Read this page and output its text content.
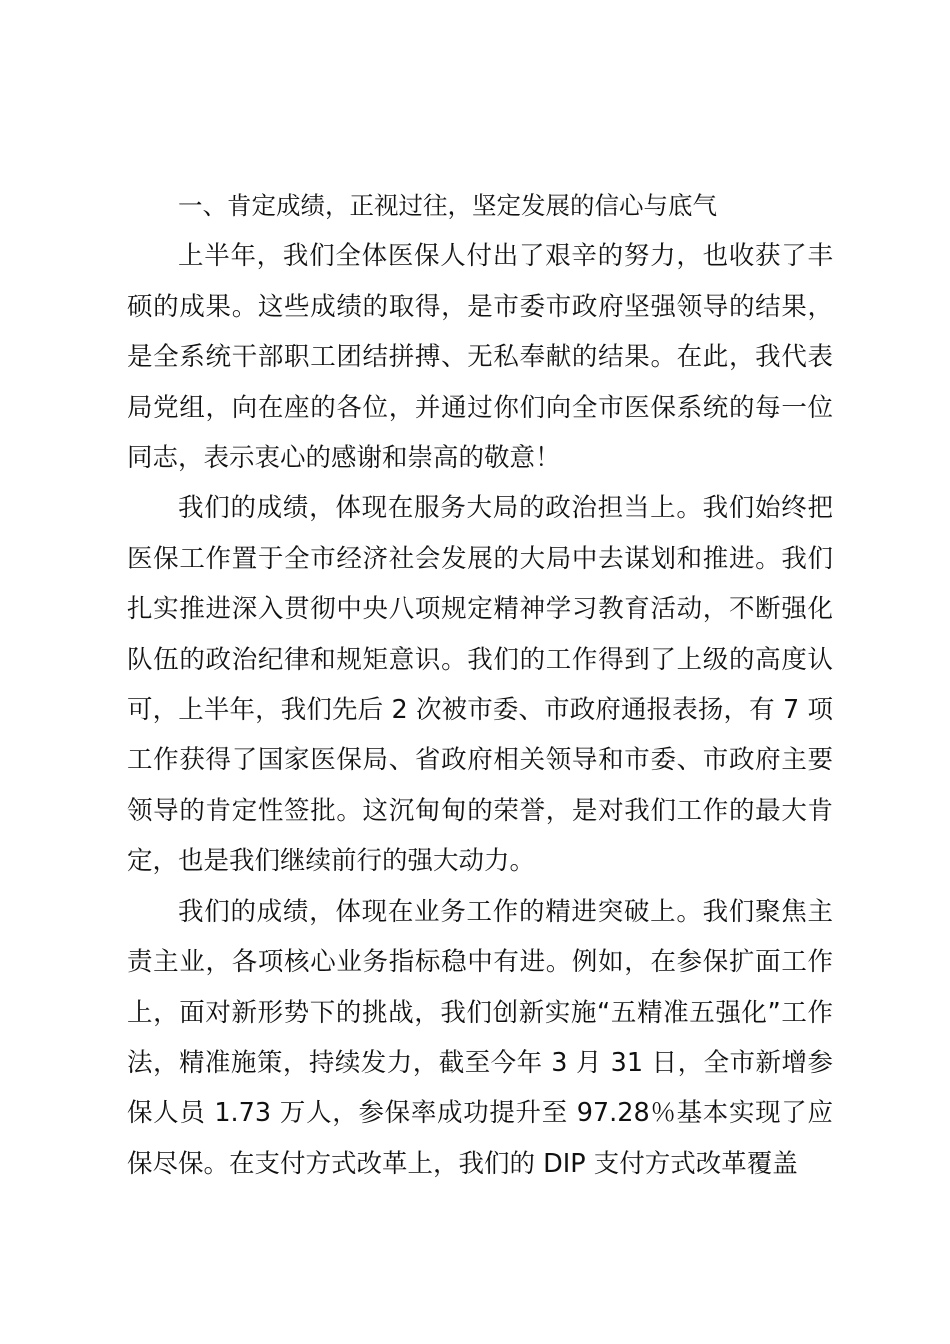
一、肯定成绩，正视过往，坚定发展的信心与底气

上半年，我们全体医保人付出了艰辛的努力，也收获了丰硕的成果。这些成绩的取得，是市委市政府坚强领导的结果，是全系统干部职工团结拼搏、无私奉献的结果。在此，我代表局党组，向在座的各位，并通过你们向全市医保系统的每一位同志，表示衷心的感谢和崇高的敬意！

我们的成绩，体现在服务大局的政治担当上。我们始终把医保工作置于全市经济社会发展的大局中去谋划和推进。我们扎实推进深入贯彻中央八项规定精神学习教育活动，不断强化队伍的政治纪律和规矩意识。我们的工作得到了上级的高度认可，上半年，我们先后 2 次被市委、市政府通报表扬，有 7 项工作获得了国家医保局、省政府相关领导和市委、市政府主要领导的肯定性签批。这沉甸甸的荣誉，是对我们工作的最大肯定，也是我们继续前行的强大动力。

我们的成绩，体现在业务工作的精进突破上。我们聚焦主责主业，各项核心业务指标稳中有进。例如，在参保扩面工作上，面对新形势下的挑战，我们创新实施“五精准五强化”工作法，精准施策，持续发力，截至今年 3 月 31 日，全市新增参保人员 1.73 万人，参保率成功提升至 97.28％基本实现了应保尽保。在支付方式改革上，我们的 DIP 支付方式改革覆盖
